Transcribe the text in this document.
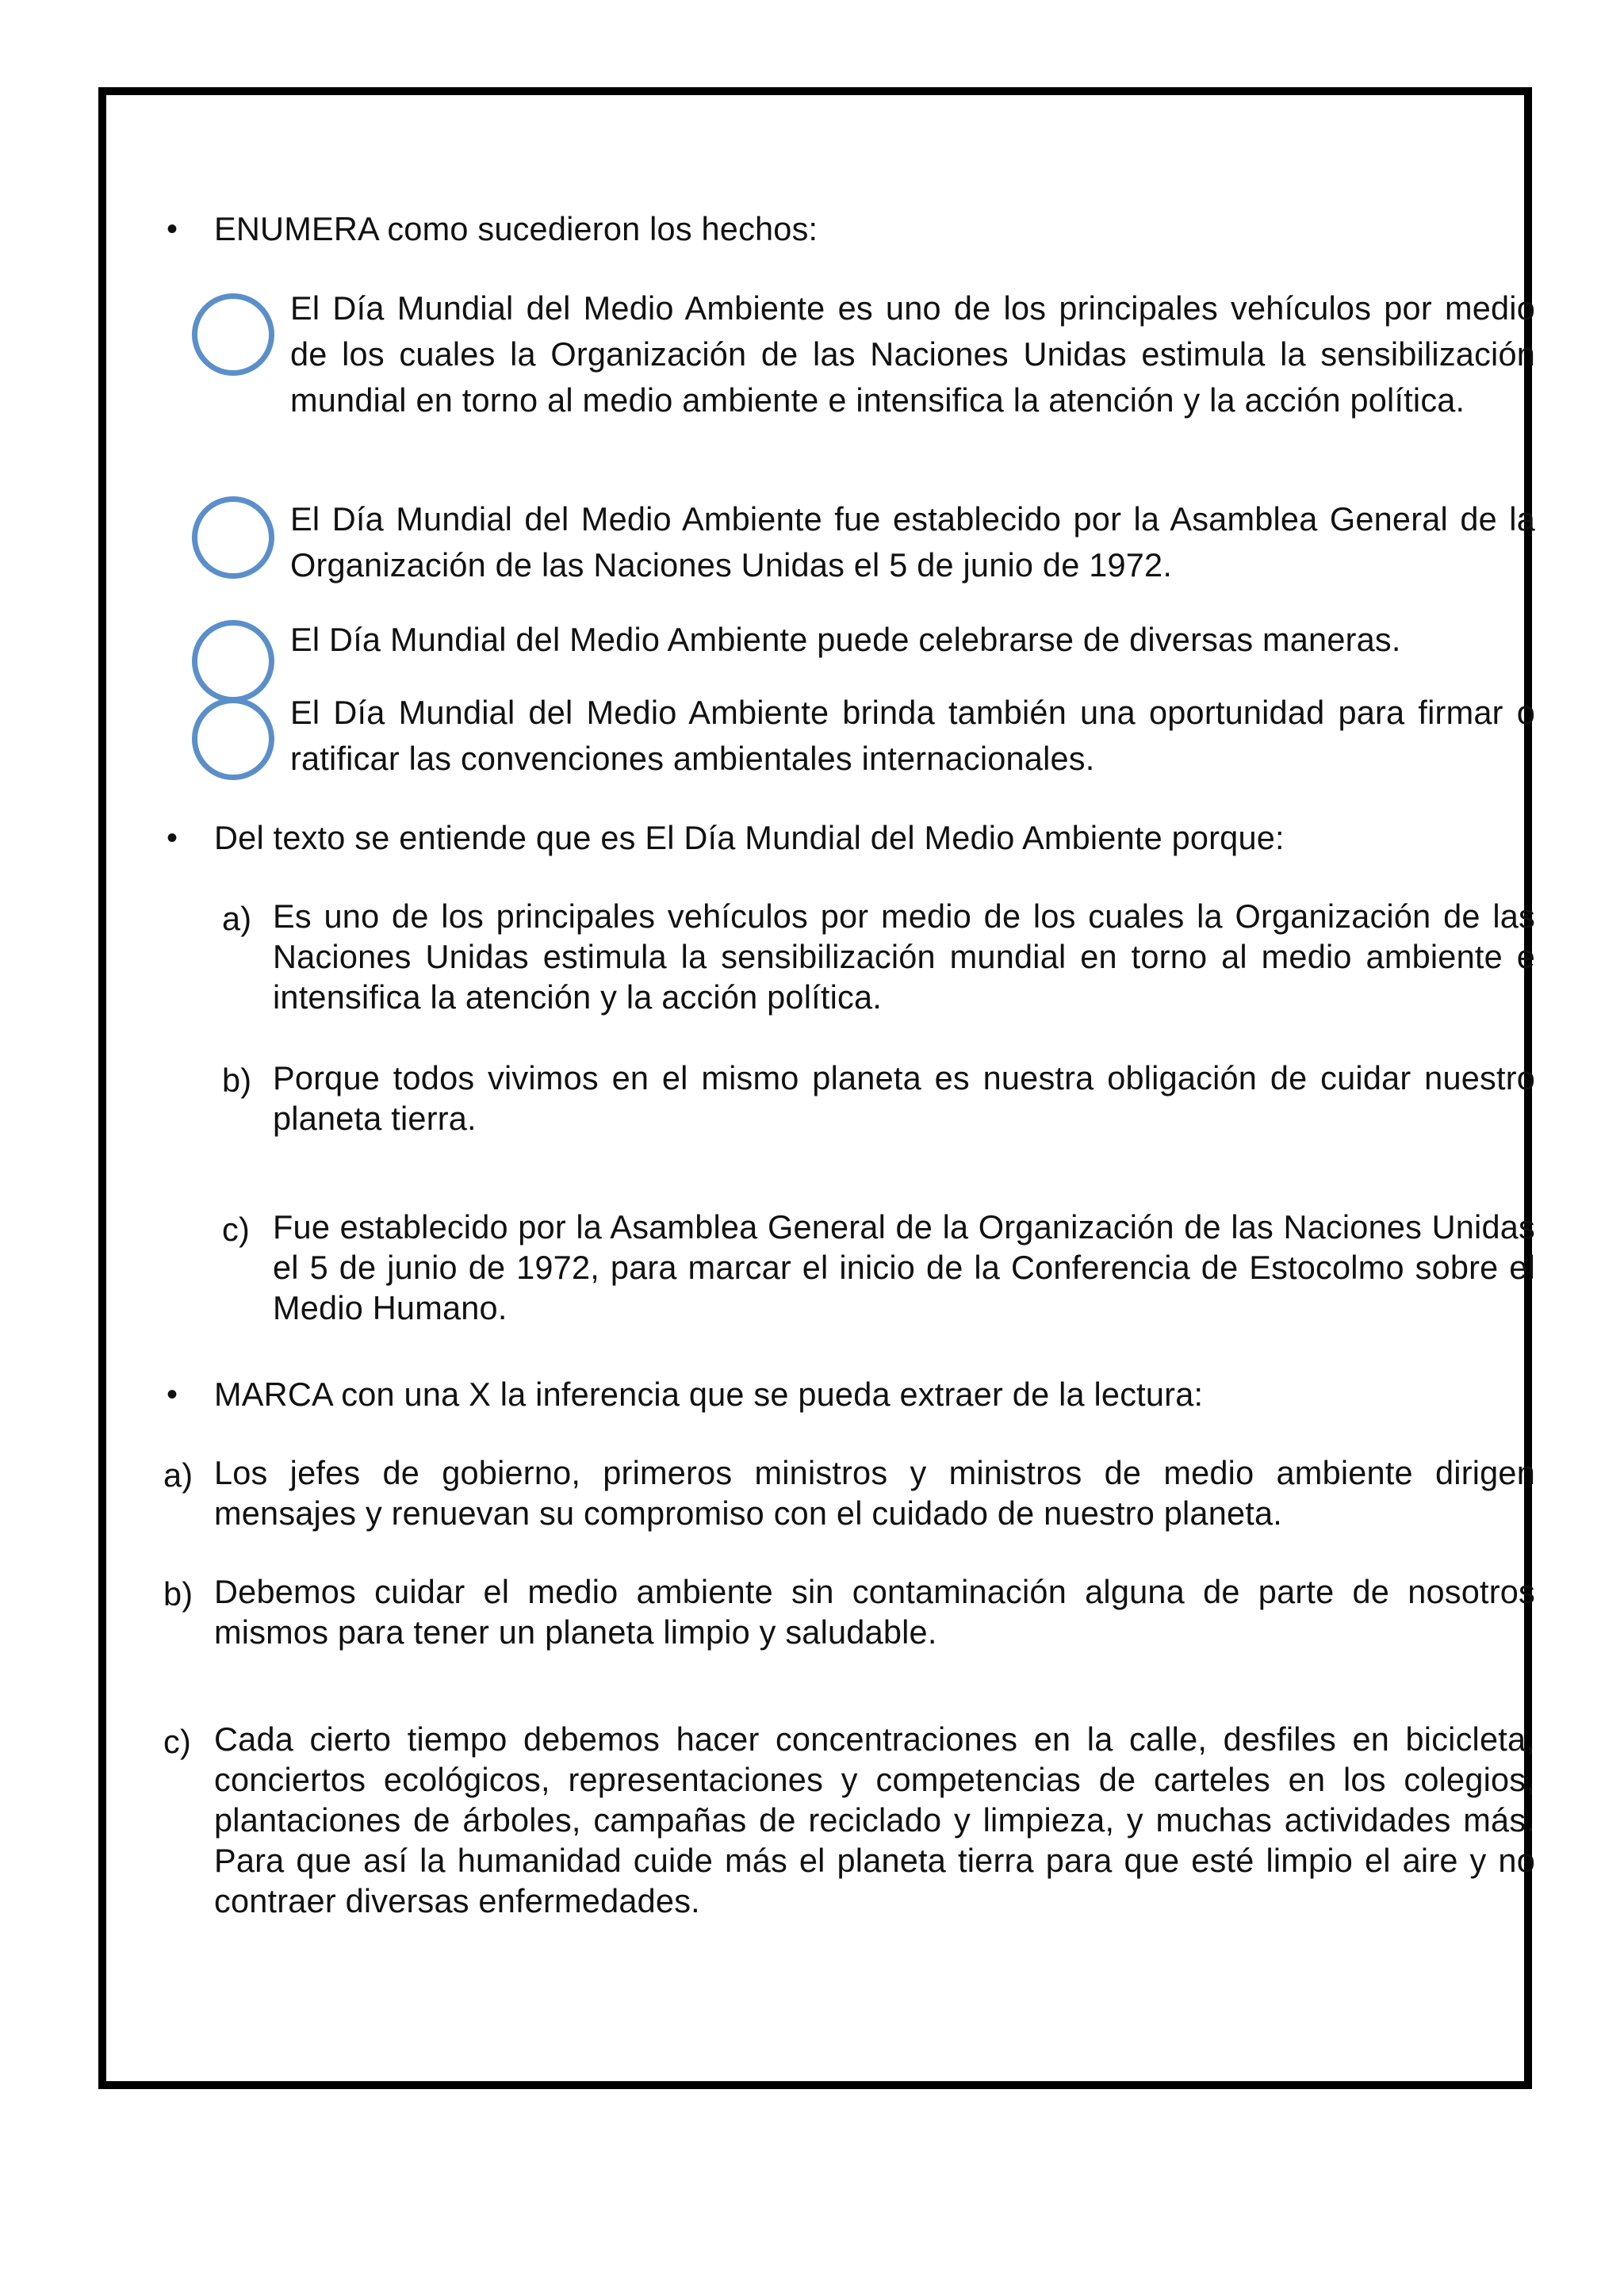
• ENUMERA como sucedieron los hechos:
El Día Mundial del Medio Ambiente es uno de los principales vehículos por medio de los cuales la Organización de las Naciones Unidas estimula la sensibilización mundial en torno al medio ambiente e intensifica la atención y la acción política.
El Día Mundial del Medio Ambiente fue establecido por la Asamblea General de la Organización de las Naciones Unidas el 5 de junio de 1972.
El Día Mundial del Medio Ambiente puede celebrarse de diversas maneras.
El Día Mundial del Medio Ambiente brinda también una oportunidad para firmar o ratificar las convenciones ambientales internacionales.
• Del texto se entiende que es El Día Mundial del Medio Ambiente porque:
a) Es uno de los principales vehículos por medio de los cuales la Organización de las Naciones Unidas estimula la sensibilización mundial en torno al medio ambiente e intensifica la atención y la acción política.
b) Porque todos vivimos en el mismo planeta es nuestra obligación de cuidar nuestro planeta tierra.
c) Fue establecido por la Asamblea General de la Organización de las Naciones Unidas el 5 de junio de 1972, para marcar el inicio de la Conferencia de Estocolmo sobre el Medio Humano.
• MARCA con una X la inferencia que se pueda extraer de la lectura:
a) Los jefes de gobierno, primeros ministros y ministros de medio ambiente dirigen mensajes y renuevan su compromiso con el cuidado de nuestro planeta.
b) Debemos cuidar el medio ambiente sin contaminación alguna de parte de nosotros mismos para tener un planeta limpio y saludable.
c) Cada cierto tiempo debemos hacer concentraciones en la calle, desfiles en bicicleta, conciertos ecológicos, representaciones y competencias de carteles en los colegios, plantaciones de árboles, campañas de reciclado y limpieza, y muchas actividades más. Para que así la humanidad cuide más el planeta tierra para que esté limpio el aire y no contraer diversas enfermedades.
